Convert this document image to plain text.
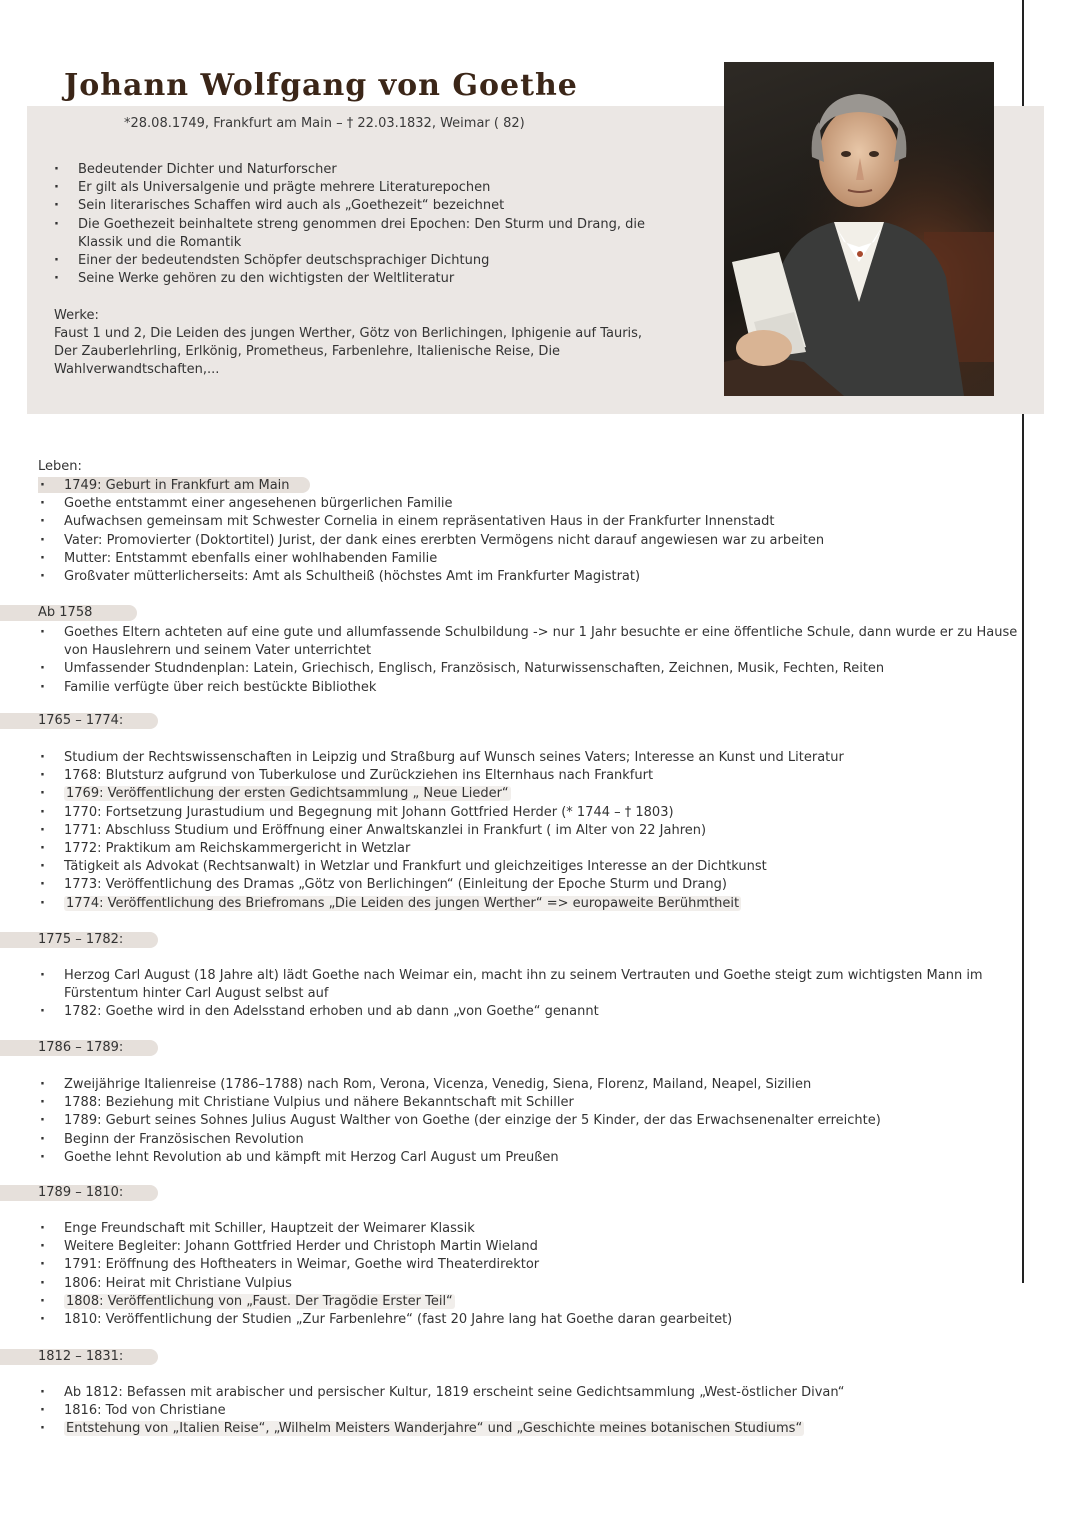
Johann Wolfgang von Goethe
*28.08.1749, Frankfurt am Main – † 22.03.1832, Weimar ( 82)
· Bedeutender Dichter und Naturforscher
· Er gilt als Universalgenie und prägte mehrere Literaturepochen
· Sein literarisches Schaffen wird auch als „Goethezeit“ bezeichnet
· Die Goethezeit beinhaltete streng genommen drei Epochen: Den Sturm und Drang, die Klassik und die Romantik
· Einer der bedeutendsten Schöpfer deutschsprachiger Dichtung
· Seine Werke gehören zu den wichtigsten der Weltliteratur
Werke:
Faust 1 und 2, Die Leiden des jungen Werther, Götz von Berlichingen, Iphigenie auf Tauris, Der Zauberlehrling, Erlkönig, Prometheus, Farbenlehre, Italienische Reise, Die Wahlverwandtschaften,...
Leben:
· 1749: Geburt in Frankfurt am Main
· Goethe entstammt einer angesehenen bürgerlichen Familie
· Aufwachsen gemeinsam mit Schwester Cornelia in einem repräsentativen Haus in der Frankfurter Innenstadt
· Vater: Promovierter (Doktortitel) Jurist, der dank eines ererbten Vermögens nicht darauf angewiesen war zu arbeiten
· Mutter: Entstammt ebenfalls einer wohlhabenden Familie
· Großvater mütterlicherseits: Amt als Schultheiß (höchstes Amt im Frankfurter Magistrat)
Ab 1758
· Goethes Eltern achteten auf eine gute und allumfassende Schulbildung -> nur 1 Jahr besuchte er eine öffentliche Schule, dann wurde er zu Hause von Hauslehrern und seinem Vater unterrichtet
· Umfassender Studndenplan: Latein, Griechisch, Englisch, Französisch, Naturwissenschaften, Zeichnen, Musik, Fechten, Reiten
· Familie verfügte über reich bestückte Bibliothek
1765 – 1774:
· Studium der Rechtswissenschaften in Leipzig und Straßburg auf Wunsch seines Vaters; Interesse an Kunst und Literatur
· 1768: Blutsturz aufgrund von Tuberkulose und Zurückziehen ins Elternhaus nach Frankfurt
· 1769: Veröffentlichung der ersten Gedichtsammlung „ Neue Lieder“
· 1770: Fortsetzung Jurastudium und Begegnung mit Johann Gottfried Herder (* 1744 – † 1803)
· 1771: Abschluss Studium und Eröffnung einer Anwaltskanzlei in Frankfurt ( im Alter von 22 Jahren)
· 1772: Praktikum am Reichskammergericht in Wetzlar
· Tätigkeit als Advokat (Rechtsanwalt) in Wetzlar und Frankfurt und gleichzeitiges Interesse an der Dichtkunst
· 1773: Veröffentlichung des Dramas „Götz von Berlichingen“ (Einleitung der Epoche Sturm und Drang)
· 1774: Veröffentlichung des Briefromans „Die Leiden des jungen Werther“ => europaweite Berühmtheit
1775 – 1782:
· Herzog Carl August (18 Jahre alt) lädt Goethe nach Weimar ein, macht ihn zu seinem Vertrauten und Goethe steigt zum wichtigsten Mann im Fürstentum hinter Carl August selbst auf
· 1782: Goethe wird in den Adelsstand erhoben und ab dann „von Goethe“ genannt
1786 – 1789:
· Zweijährige Italienreise (1786–1788) nach Rom, Verona, Vicenza, Venedig, Siena, Florenz, Mailand, Neapel, Sizilien
· 1788: Beziehung mit Christiane Vulpius und nähere Bekanntschaft mit Schiller
· 1789: Geburt seines Sohnes Julius August Walther von Goethe (der einzige der 5 Kinder, der das Erwachsenenalter erreichte)
· Beginn der Französischen Revolution
· Goethe lehnt Revolution ab und kämpft mit Herzog Carl August um Preußen
1789 – 1810:
· Enge Freundschaft mit Schiller, Hauptzeit der Weimarer Klassik
· Weitere Begleiter: Johann Gottfried Herder und Christoph Martin Wieland
· 1791: Eröffnung des Hoftheaters in Weimar, Goethe wird Theaterdirektor
· 1806: Heirat mit Christiane Vulpius
· 1808: Veröffentlichung von „Faust. Der Tragödie Erster Teil“
· 1810: Veröffentlichung der Studien „Zur Farbenlehre“ (fast 20 Jahre lang hat Goethe daran gearbeitet)
1812 – 1831:
· Ab 1812: Befassen mit arabischer und persischer Kultur, 1819 erscheint seine Gedichtsammlung „West-östlicher Divan“
· 1816: Tod von Christiane
· Entstehung von „Italien Reise“, „Wilhelm Meisters Wanderjahre“ und „Geschichte meines botanischen Studiums“
